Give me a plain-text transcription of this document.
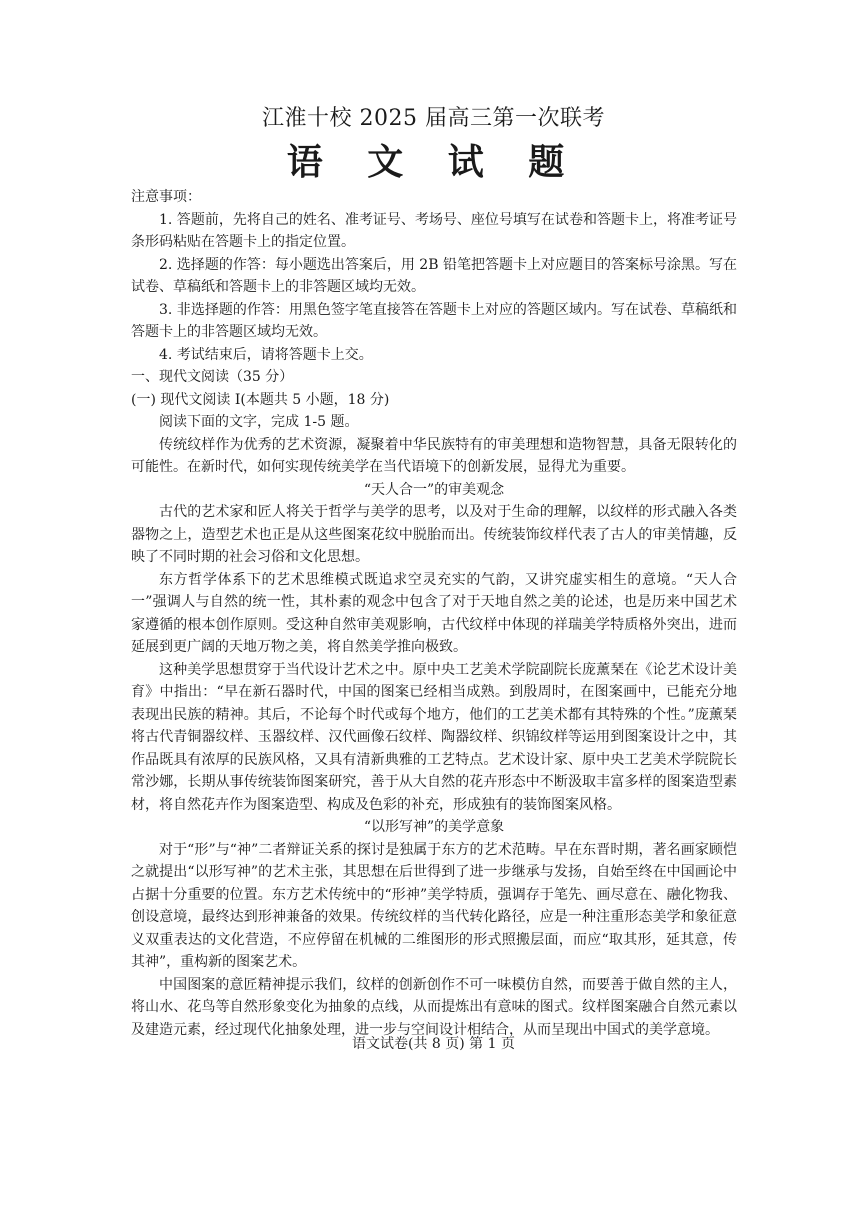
江淮十校 2025 届高三第一次联考
语 文 试 题

注意事项：

1. 答题前，先将自己的姓名、准考证号、考场号、座位号填写在试卷和答题卡上，将准考证号条形码粘贴在答题卡上的指定位置。

2. 选择题的作答：每小题选出答案后，用 2B 铅笔把答题卡上对应题目的答案标号涂黑。写在试卷、草稿纸和答题卡上的非答题区域均无效。

3. 非选择题的作答：用黑色签字笔直接答在答题卡上对应的答题区域内。写在试卷、草稿纸和答题卡上的非答题区域均无效。

4. 考试结束后，请将答题卡上交。

一、现代文阅读（35 分）

(一) 现代文阅读 I(本题共 5 小题，18 分)

阅读下面的文字，完成 1-5 题。

传统纹样作为优秀的艺术资源，凝聚着中华民族特有的审美理想和造物智慧，具备无限转化的可能性。在新时代，如何实现传统美学在当代语境下的创新发展，显得尤为重要。

“天人合一”的审美观念

古代的艺术家和匠人将关于哲学与美学的思考，以及对于生命的理解，以纹样的形式融入各类器物之上，造型艺术也正是从这些图案花纹中脱胎而出。传统装饰纹样代表了古人的审美情趣，反映了不同时期的社会习俗和文化思想。

东方哲学体系下的艺术思维模式既追求空灵充实的气韵，又讲究虚实相生的意境。“天人合一”强调人与自然的统一性，其朴素的观念中包含了对于天地自然之美的论述，也是历来中国艺术家遵循的根本创作原则。受这种自然审美观影响，古代纹样中体现的祥瑞美学特质格外突出，进而延展到更广阔的天地万物之美，将自然美学推向极致。

这种美学思想贯穿于当代设计艺术之中。原中央工艺美术学院副院长庞薰琹在《论艺术设计美育》中指出：“早在新石器时代，中国的图案已经相当成熟。到殷周时，在图案画中，已能充分地表现出民族的精神。其后，不论每个时代或每个地方，他们的工艺美术都有其特殊的个性。”庞薰琹将古代青铜器纹样、玉器纹样、汉代画像石纹样、陶器纹样、织锦纹样等运用到图案设计之中，其作品既具有浓厚的民族风格，又具有清新典雅的工艺特点。艺术设计家、原中央工艺美术学院院长常沙娜，长期从事传统装饰图案研究，善于从大自然的花卉形态中不断汲取丰富多样的图案造型素材，将自然花卉作为图案造型、构成及色彩的补充，形成独有的装饰图案风格。

“以形写神”的美学意象

对于“形”与“神”二者辩证关系的探讨是独属于东方的艺术范畴。早在东晋时期，著名画家顾恺之就提出“以形写神”的艺术主张，其思想在后世得到了进一步继承与发扬，自始至终在中国画论中占据十分重要的位置。东方艺术传统中的“形神”美学特质，强调存于笔先、画尽意在、融化物我、创设意境，最终达到形神兼备的效果。传统纹样的当代转化路径，应是一种注重形态美学和象征意义双重表达的文化营造，不应停留在机械的二维图形的形式照搬层面，而应“取其形，延其意，传其神”，重构新的图案艺术。

中国图案的意匠精神提示我们，纹样的创新创作不可一味模仿自然，而要善于做自然的主人，将山水、花鸟等自然形象变化为抽象的点线，从而提炼出有意味的图式。纹样图案融合自然元素以及建造元素，经过现代化抽象处理，进一步与空间设计相结合，从而呈现出中国式的美学意境。

语文试卷(共 8 页) 第 1 页
